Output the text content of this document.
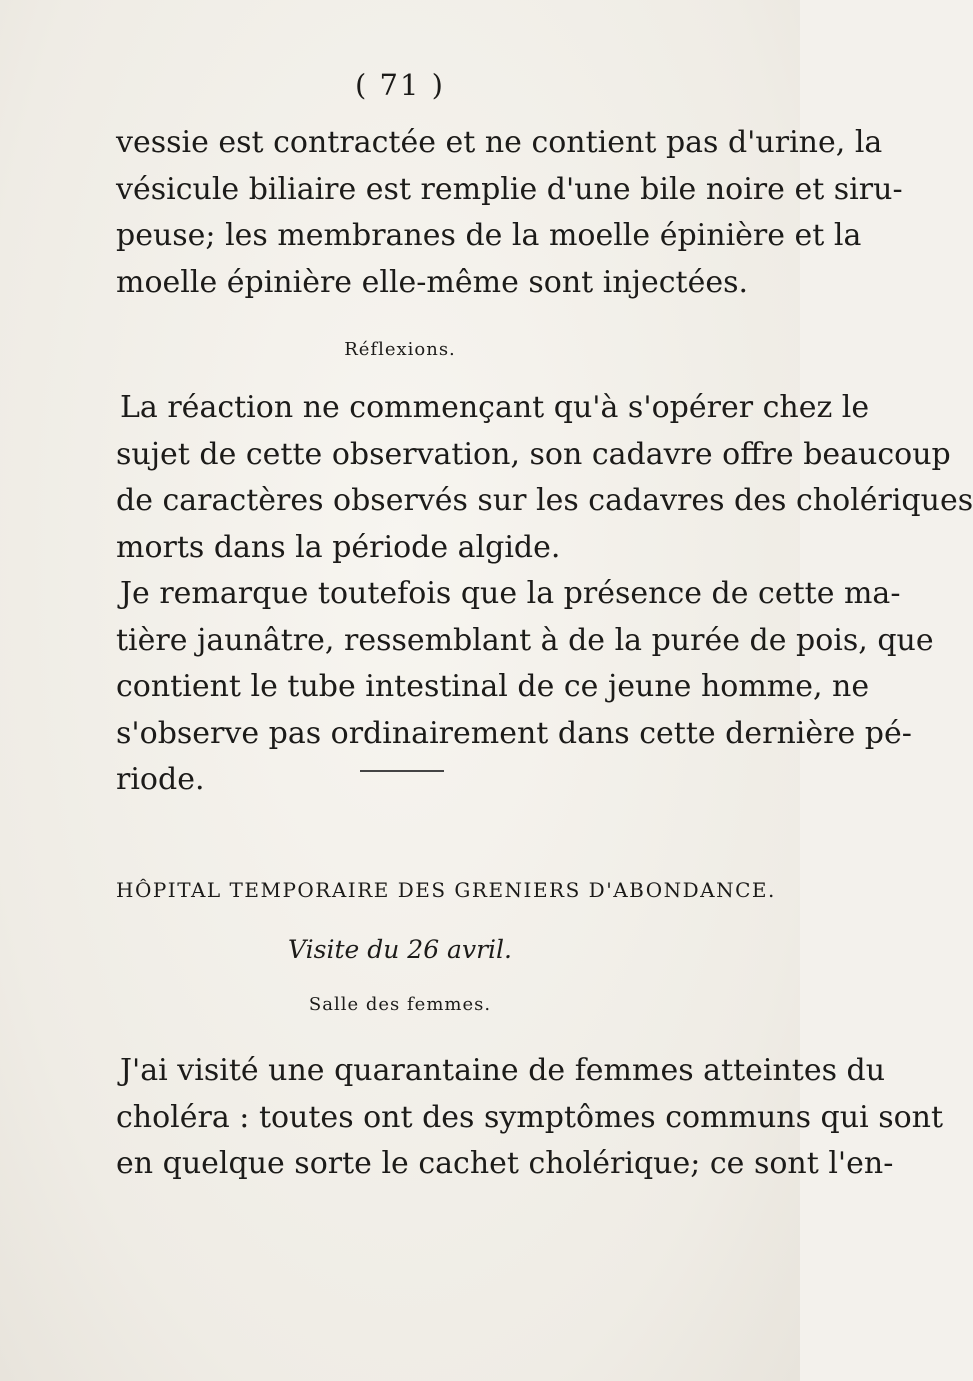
( 71 )
vessie est contractée et ne contient pas d'urine, la
vésicule biliaire est remplie d'une bile noire et siru-
peuse; les membranes de la moelle épinière et la
moelle épinière elle-même sont injectées.
Réflexions.
La réaction ne commençant qu'à s'opérer chez le
sujet de cette observation, son cadavre offre beaucoup
de caractères observés sur les cadavres des cholériques
morts dans la période algide.
Je remarque toutefois que la présence de cette ma-
tière jaunâtre, ressemblant à de la purée de pois, que
contient le tube intestinal de ce jeune homme, ne
s'observe pas ordinairement dans cette dernière pé-
riode.
HÔPITAL TEMPORAIRE DES GRENIERS D'ABONDANCE.
Visite du 26 avril.
Salle des femmes.
J'ai visité une quarantaine de femmes atteintes du
choléra : toutes ont des symptômes communs qui sont
en quelque sorte le cachet cholérique; ce sont l'en-
